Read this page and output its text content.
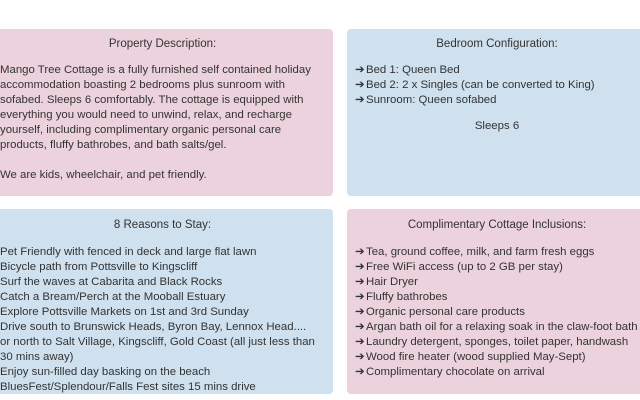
Property Description:

Mango Tree Cottage is a fully furnished self contained holiday

accommodation boasting 2 bedrooms plus sunroom with

sofabed. Sleeps 6 comfortably. The cottage is equipped with

everything you would need to unwind, relax, and recharge

yourself, including complimentary organic personal care

products, fluffy bathrobes, and bath salts/gel.

We are kids, wheelchair, and pet friendly.

Bedroom Configuration:
➔Bed 1: Queen Bed
➔Bed 2: 2 x Singles (can be converted to King)
➔Sunroom: Queen sofabed
Sleeps 6
8 Reasons to Stay:
Pet Friendly with fenced in deck and large flat lawn
Bicycle path from Pottsville to Kingscliff
Surf the waves at Cabarita and Black Rocks
Catch a Bream/Perch at the Mooball Estuary
Explore Pottsville Markets on 1st and 3rd Sunday
Drive south to Brunswick Heads, Byron Bay, Lennox Head....
or north to Salt Village, Kingscliff, Gold Coast (all just less than
30 mins away)
Enjoy sun-filled day basking on the beach
BluesFest/Splendour/Falls Fest sites 15 mins drive
Complimentary Cottage Inclusions:
➔Tea, ground coffee, milk, and farm fresh eggs
➔Free WiFi access (up to 2 GB per stay)
➔Hair Dryer
➔Fluffy bathrobes
➔Organic personal care products
➔Argan bath oil for a relaxing soak in the claw-foot bath
➔Laundry detergent, sponges, toilet paper, handwash
➔Wood fire heater (wood supplied May-Sept)
➔Complimentary chocolate on arrival
